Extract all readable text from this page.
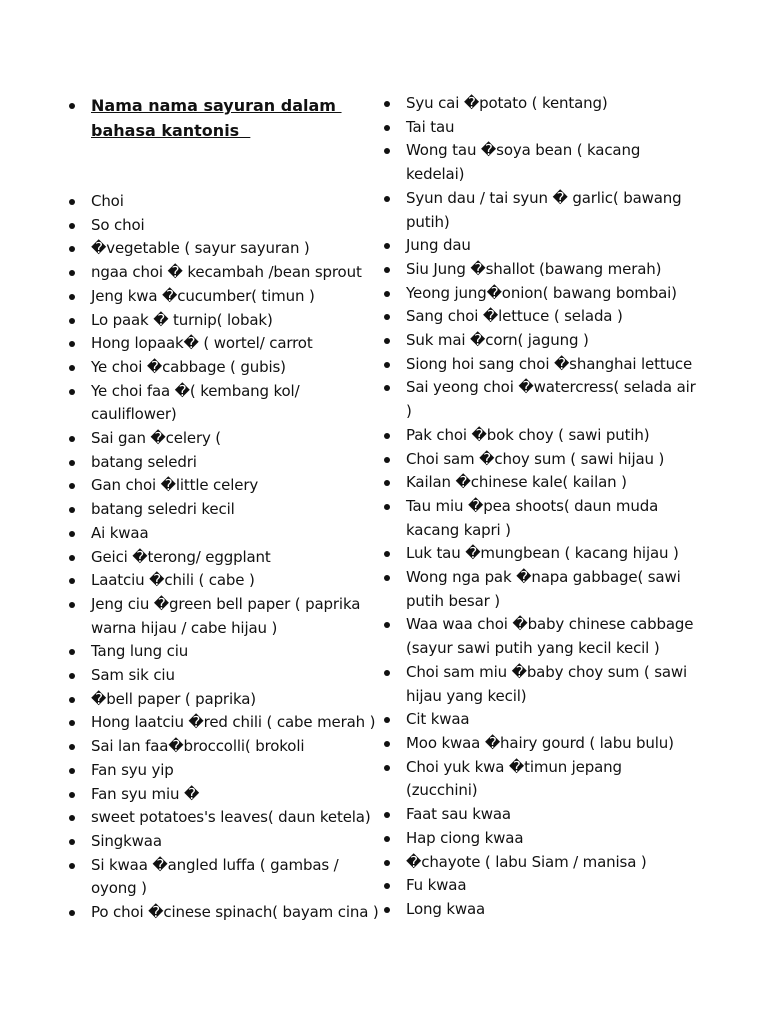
Nama nama sayuran dalam
bahasa kantonis
Choi
So choi
�vegetable ( sayur sayuran )
ngaa choi � kecambah /bean sprout
Jeng kwa �cucumber( timun )
Lo paak � turnip( lobak)
Hong lopaak� ( wortel/ carrot
Ye choi �cabbage ( gubis)
Ye choi faa �( kembang kol/
cauliflower)
Sai gan �celery (
batang seledri
Gan choi �little celery
batang seledri kecil
Ai kwaa
Geici �terong/ eggplant
Laatciu �chili ( cabe )
Jeng ciu �green bell paper ( paprika
warna hijau / cabe hijau )
Tang lung ciu
Sam sik ciu
�bell paper ( paprika)
Hong laatciu �red chili ( cabe merah )
Sai lan faa�broccolli( brokoli
Fan syu yip
Fan syu miu �
sweet potatoes's leaves( daun ketela)
Singkwaa
Si kwaa �angled luffa ( gambas /
oyong )
Po choi �cinese spinach( bayam cina )
Syu cai �potato ( kentang)
Tai tau
Wong tau �soya bean ( kacang
kedelai)
Syun dau / tai syun � garlic( bawang
putih)
Jung dau
Siu Jung �shallot (bawang merah)
Yeong jung�onion( bawang bombai)
Sang choi �lettuce ( selada )
Suk mai �corn( jagung )
Siong hoi sang choi �shanghai lettuce
Sai yeong choi �watercress( selada air
)
Pak choi �bok choy ( sawi putih)
Choi sam �choy sum ( sawi hijau )
Kailan �chinese kale( kailan )
Tau miu �pea shoots( daun muda
kacang kapri )
Luk tau �mungbean ( kacang hijau )
Wong nga pak �napa gabbage( sawi
putih besar )
Waa waa choi �baby chinese cabbage
(sayur sawi putih yang kecil kecil )
Choi sam miu �baby choy sum ( sawi
hijau yang kecil)
Cit kwaa
Moo kwaa �hairy gourd ( labu bulu)
Choi yuk kwa �timun jepang
(zucchini)
Faat sau kwaa
Hap ciong kwaa
�chayote ( labu Siam / manisa )
Fu kwaa
Long kwaa
